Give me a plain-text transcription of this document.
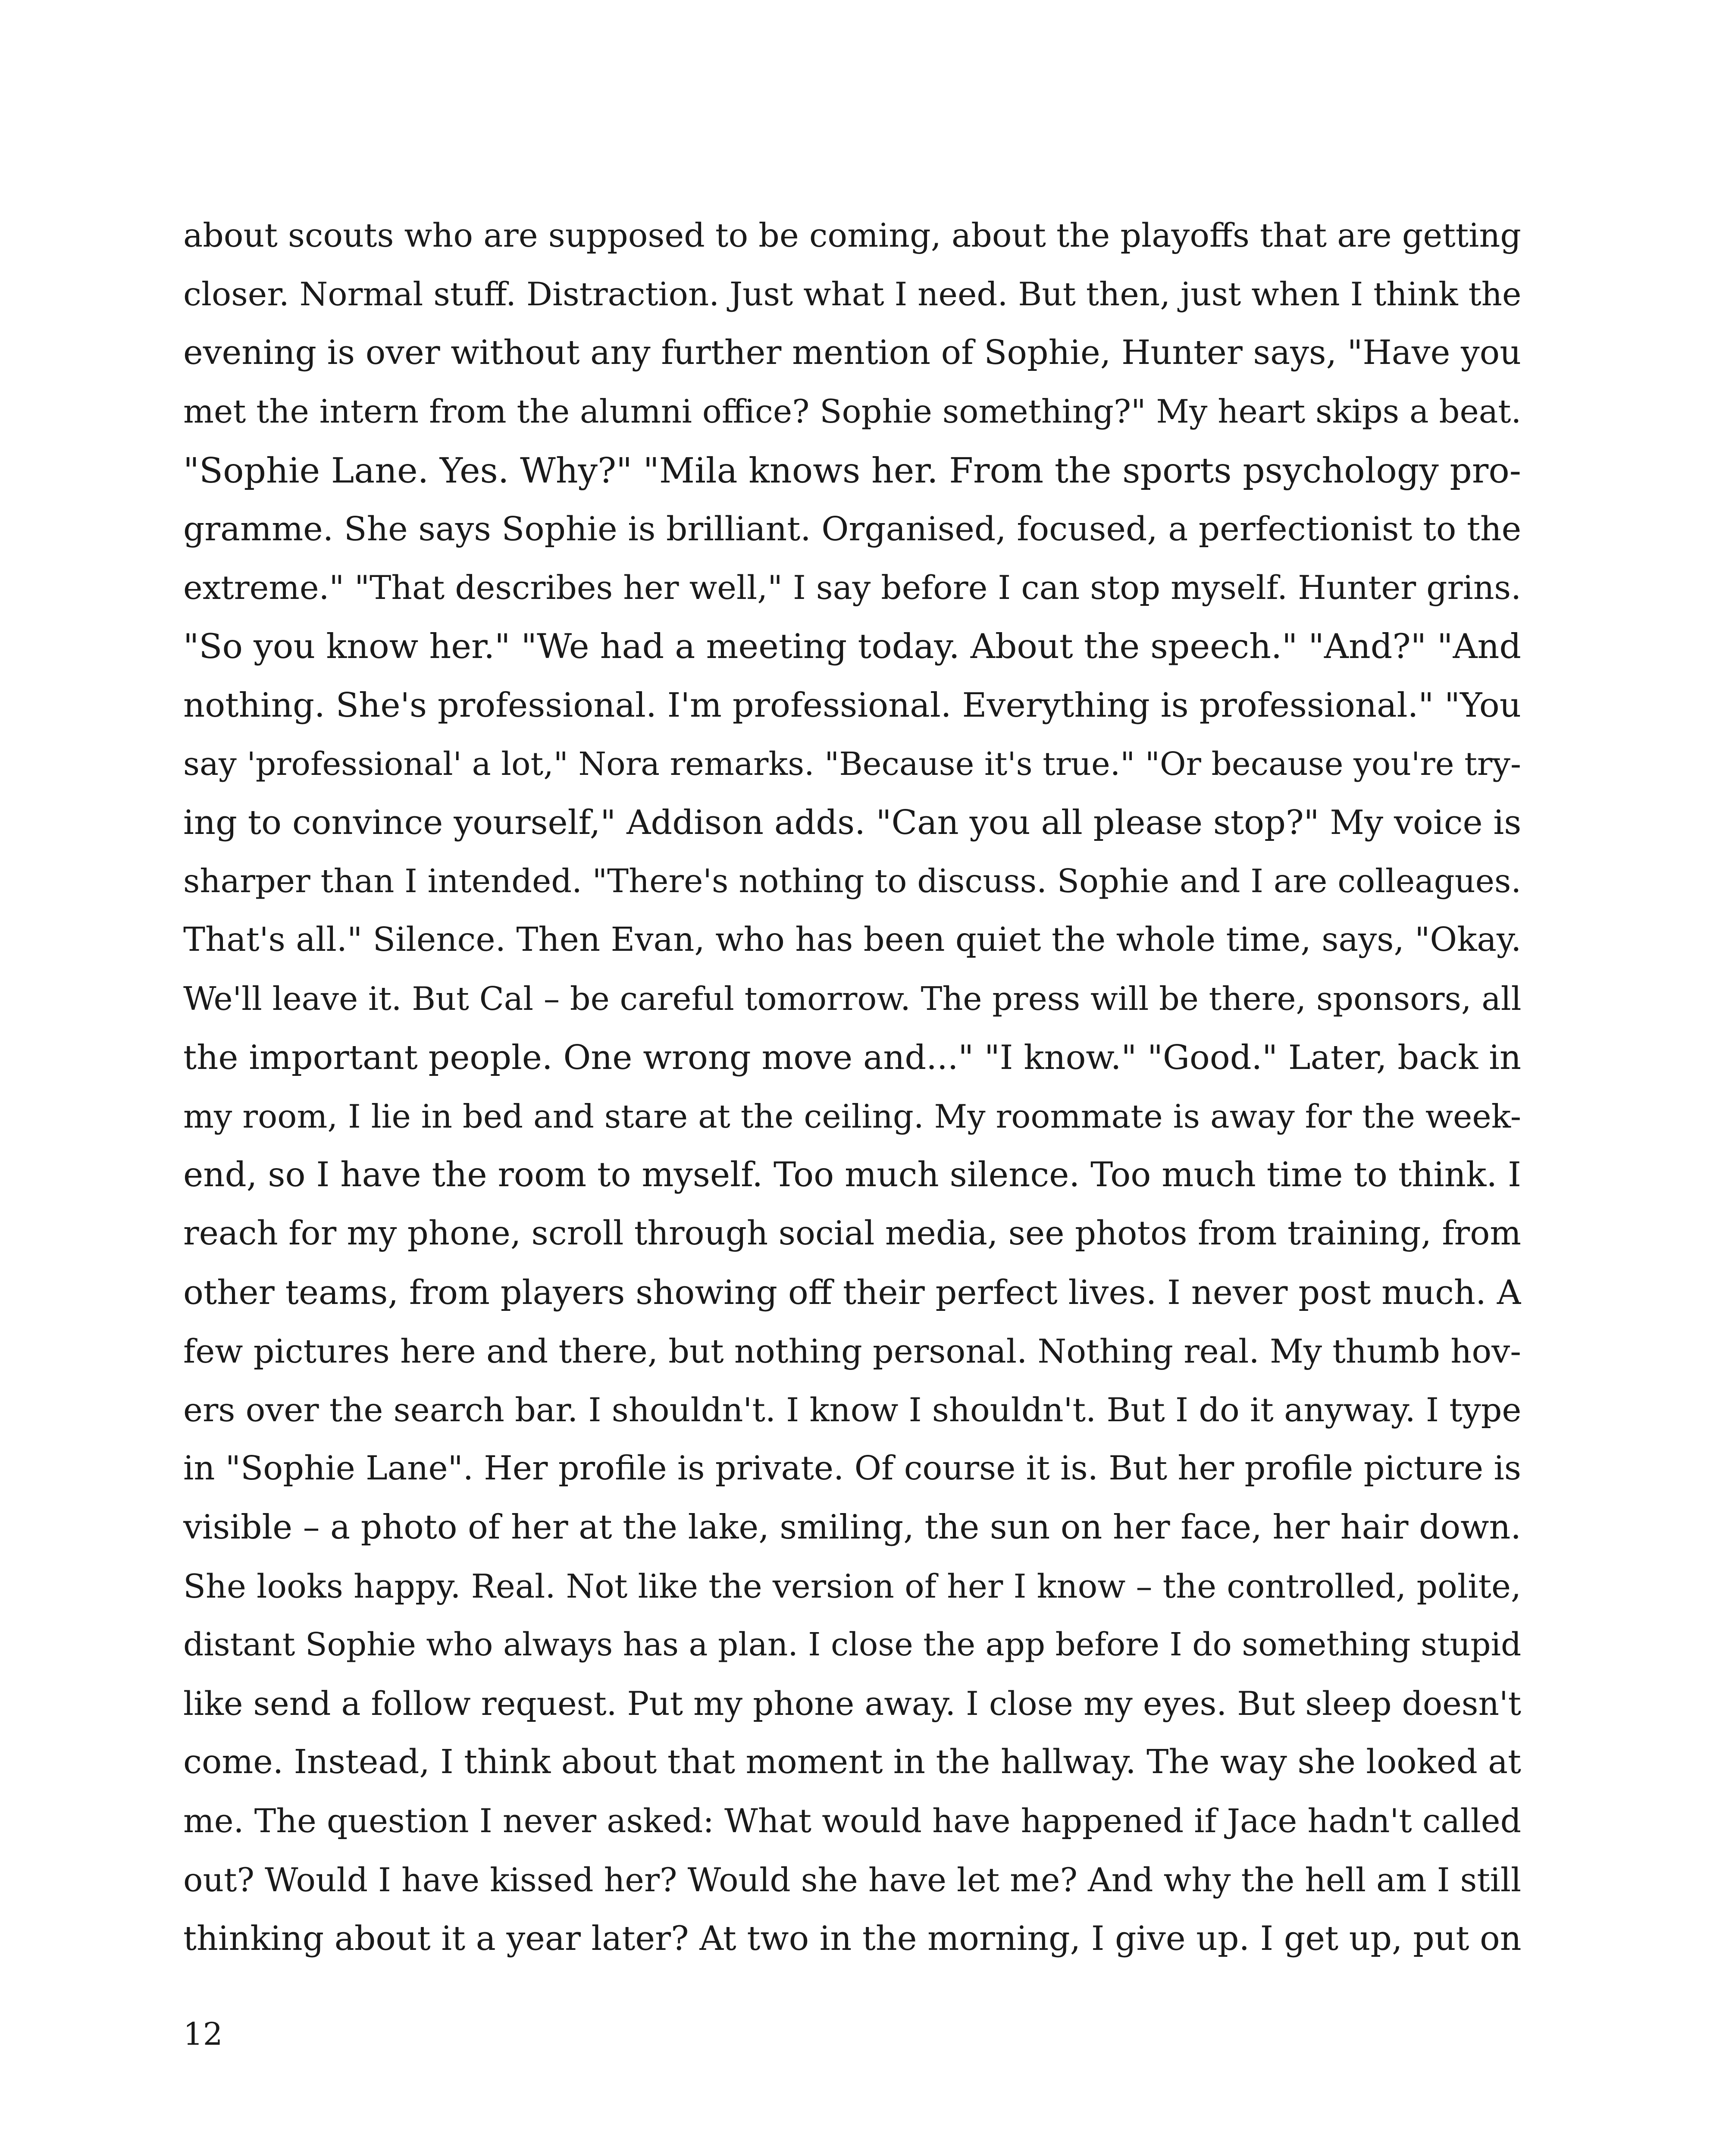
about scouts who are supposed to be coming, about the playoffs that are getting
closer. Normal stuff. Distraction. Just what I need. But then, just when I think the
evening is over without any further mention of Sophie, Hunter says, "Have you
met the intern from the alumni office? Sophie something?" My heart skips a beat.
"Sophie Lane. Yes. Why?" "Mila knows her. From the sports psychology pro-
gramme. She says Sophie is brilliant. Organised, focused, a perfectionist to the
extreme." "That describes her well," I say before I can stop myself. Hunter grins.
"So you know her." "We had a meeting today. About the speech." "And?" "And
nothing. She's professional. I'm professional. Everything is professional." "You
say 'professional' a lot," Nora remarks. "Because it's true." "Or because you're try-
ing to convince yourself," Addison adds. "Can you all please stop?" My voice is
sharper than I intended. "There's nothing to discuss. Sophie and I are colleagues.
That's all." Silence. Then Evan, who has been quiet the whole time, says, "Okay.
We'll leave it. But Cal – be careful tomorrow. The press will be there, sponsors, all
the important people. One wrong move and..." "I know." "Good." Later, back in
my room, I lie in bed and stare at the ceiling. My roommate is away for the week-
end, so I have the room to myself. Too much silence. Too much time to think. I
reach for my phone, scroll through social media, see photos from training, from
other teams, from players showing off their perfect lives. I never post much. A
few pictures here and there, but nothing personal. Nothing real. My thumb hov-
ers over the search bar. I shouldn't. I know I shouldn't. But I do it anyway. I type
in "Sophie Lane". Her profile is private. Of course it is. But her profile picture is
visible – a photo of her at the lake, smiling, the sun on her face, her hair down.
She looks happy. Real. Not like the version of her I know – the controlled, polite,
distant Sophie who always has a plan. I close the app before I do something stupid
like send a follow request. Put my phone away. I close my eyes. But sleep doesn't
come. Instead, I think about that moment in the hallway. The way she looked at
me. The question I never asked: What would have happened if Jace hadn't called
out? Would I have kissed her? Would she have let me? And why the hell am I still
thinking about it a year later? At two in the morning, I give up. I get up, put on
12
